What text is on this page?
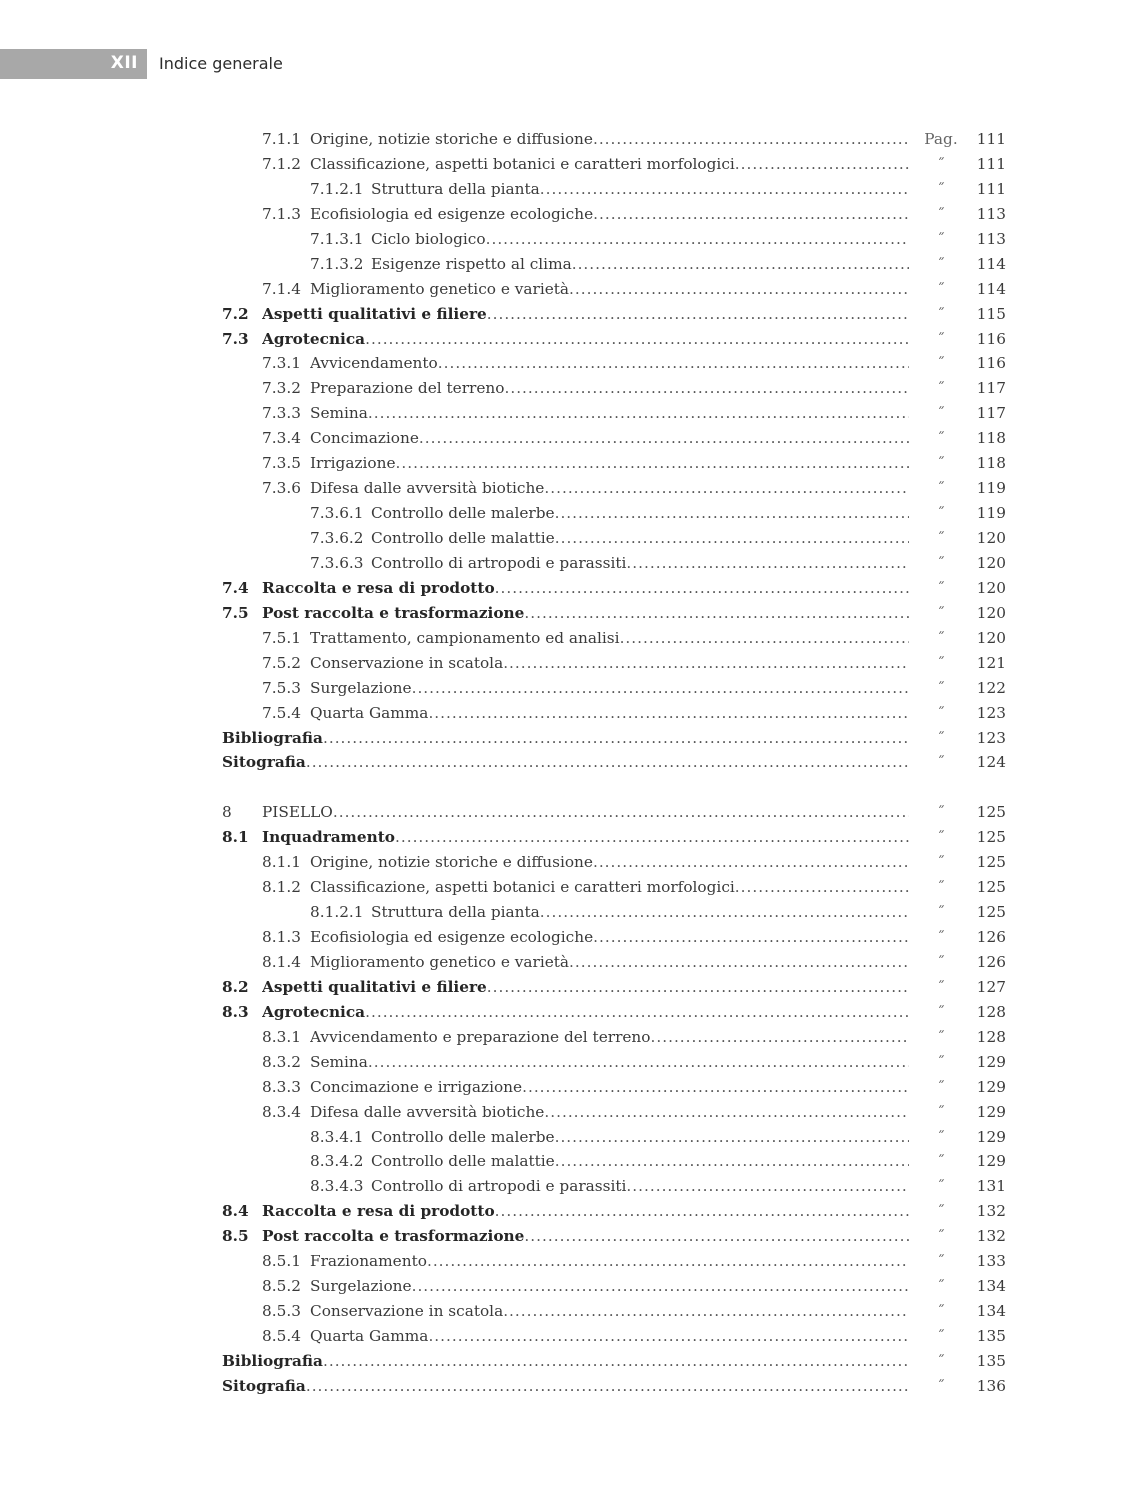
XII Indice generale
7.1.1 Origine, notizie storiche e diffusione .....	Pag.	111
7.1.2 Classificazione, aspetti botanici e caratteri morfologici .....	˝	111
7.1.2.1 Struttura della pianta .....	˝	111
7.1.3 Ecofisiologia ed esigenze ecologiche .....	˝	113
7.1.3.1 Ciclo biologico .....	˝	113
7.1.3.2 Esigenze rispetto al clima .....	˝	114
7.1.4 Miglioramento genetico e varietà .....	˝	114
7.2 Aspetti qualitativi e filiere .....	˝	115
7.3 Agrotecnica .....	˝	116
7.3.1 Avvicendamento .....	˝	116
7.3.2 Preparazione del terreno .....	˝	117
7.3.3 Semina .....	˝	117
7.3.4 Concimazione .....	˝	118
7.3.5 Irrigazione .....	˝	118
7.3.6 Difesa dalle avversità biotiche .....	˝	119
7.3.6.1 Controllo delle malerbe .....	˝	119
7.3.6.2 Controllo delle malattie .....	˝	120
7.3.6.3 Controllo di artropodi e parassiti .....	˝	120
7.4 Raccolta e resa di prodotto .....	˝	120
7.5 Post raccolta e trasformazione .....	˝	120
7.5.1 Trattamento, campionamento ed analisi .....	˝	120
7.5.2 Conservazione in scatola .....	˝	121
7.5.3 Surgelazione .....	˝	122
7.5.4 Quarta Gamma .....	˝	123
Bibliografia .....	˝	123
Sitografia .....	˝	124
8 PISELLO .....	˝	125
8.1 Inquadramento .....	˝	125
8.1.1 Origine, notizie storiche e diffusione .....	˝	125
8.1.2 Classificazione, aspetti botanici e caratteri morfologici .....	˝	125
8.1.2.1 Struttura della pianta .....	˝	125
8.1.3 Ecofisiologia ed esigenze ecologiche .....	˝	126
8.1.4 Miglioramento genetico e varietà .....	˝	126
8.2 Aspetti qualitativi e filiere .....	˝	127
8.3 Agrotecnica .....	˝	128
8.3.1 Avvicendamento e preparazione del terreno .....	˝	128
8.3.2 Semina .....	˝	129
8.3.3 Concimazione e irrigazione .....	˝	129
8.3.4 Difesa dalle avversità biotiche .....	˝	129
8.3.4.1 Controllo delle malerbe .....	˝	129
8.3.4.2 Controllo delle malattie .....	˝	129
8.3.4.3 Controllo di artropodi e parassiti .....	˝	131
8.4 Raccolta e resa di prodotto .....	˝	132
8.5 Post raccolta e trasformazione .....	˝	132
8.5.1 Frazionamento .....	˝	133
8.5.2 Surgelazione .....	˝	134
8.5.3 Conservazione in scatola .....	˝	134
8.5.4 Quarta Gamma .....	˝	135
Bibliografia .....	˝	135
Sitografia .....	˝	136
